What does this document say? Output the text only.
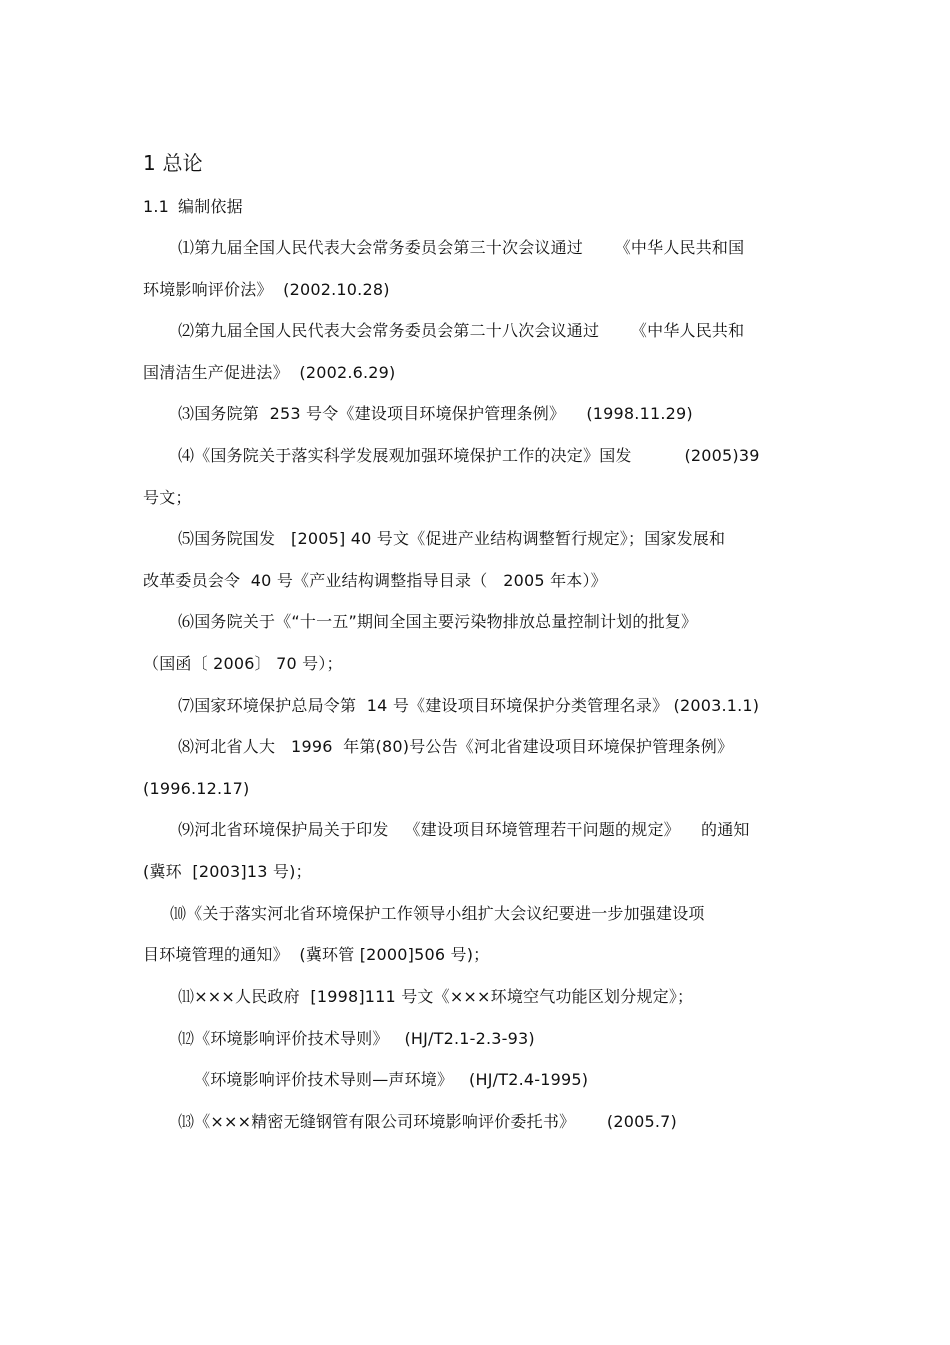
1 总论
1.1 编制依据
⑴第九届全国人民代表大会常务委员会第三十次会议通过      《中华人民共和国
环境影响评价法》  (2002.10.28)
⑵第九届全国人民代表大会常务委员会第二十八次会议通过      《中华人民共和
国清洁生产促进法》  (2002.6.29)
⑶国务院第  253 号令《建设项目环境保护管理条例》    (1998.11.29)
⑷《国务院关于落实科学发展观加强环境保护工作的决定》国发          (2005)39
号文；
⑸国务院国发   [2005] 40 号文《促进产业结构调整暂行规定》；国家发展和
改革委员会令  40 号《产业结构调整指导目录（   2005 年本）》
⑹国务院关于《“十一五”期间全国主要污染物排放总量控制计划的批复》
（国函〔 2006〕 70 号）；
⑺国家环境保护总局令第  14 号《建设项目环境保护分类管理名录》 (2003.1.1)
⑻河北省人大   1996  年第(80)号公告《河北省建设项目环境保护管理条例》
(1996.12.17)
⑼河北省环境保护局关于印发   《建设项目环境管理若干问题的规定》    的通知
(冀环  [2003]13 号)；
⑽《关于落实河北省环境保护工作领导小组扩大会议纪要进一步加强建设项
目环境管理的通知》  (冀环管 [2000]506 号)；
⑾×××人民政府  [1998]111 号文《×××环境空气功能区划分规定》；
⑿《环境影响评价技术导则》   (HJ/T2.1-2.3-93)
《环境影响评价技术导则—声环境》   (HJ/T2.4-1995)
⒀《×××精密无缝钢管有限公司环境影响评价委托书》      (2005.7)
